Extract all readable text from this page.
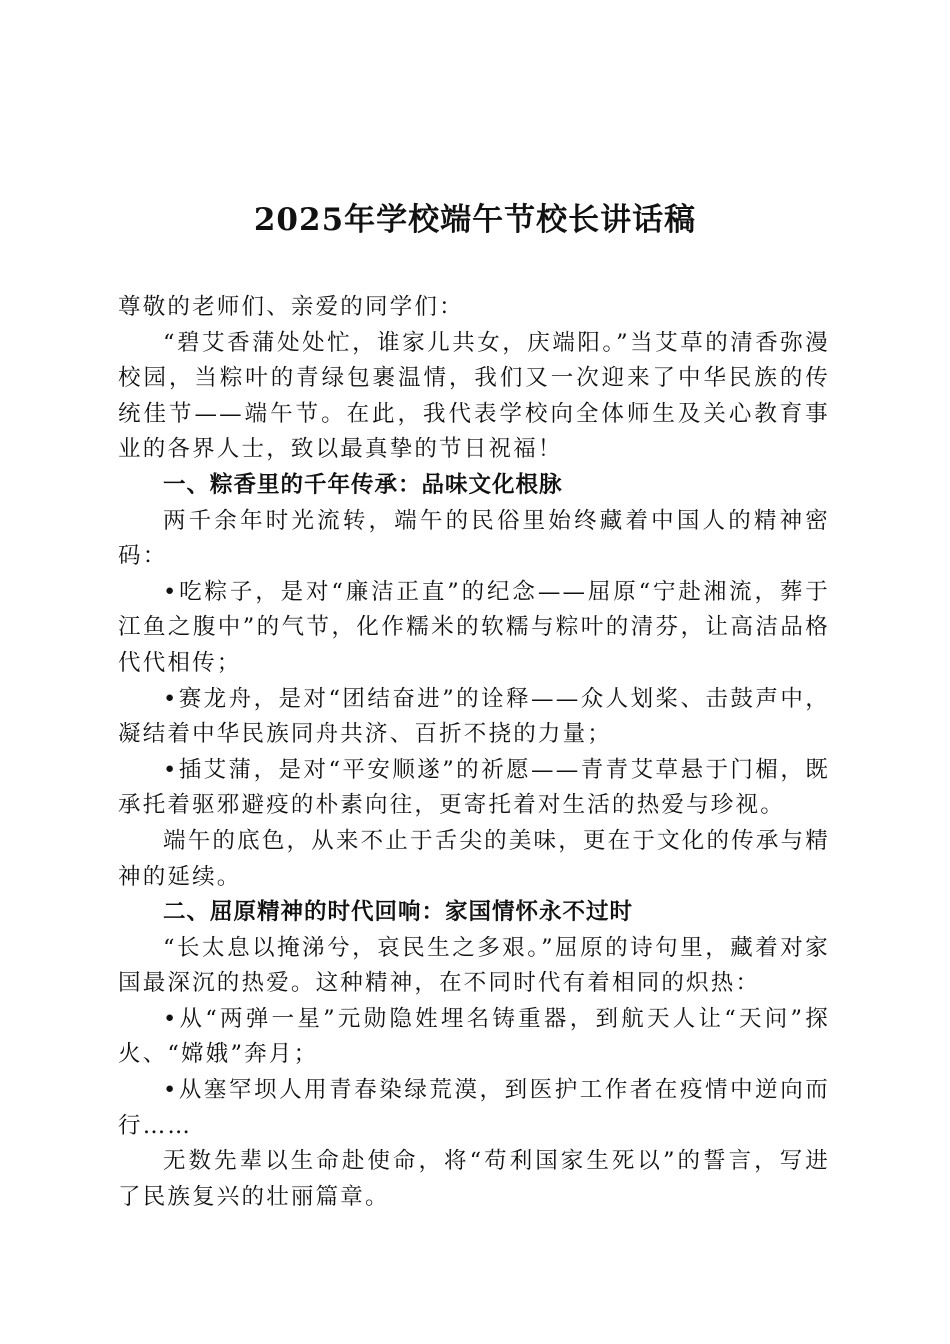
2025年学校端午节校长讲话稿

尊敬的老师们、亲爱的同学们：

“碧艾香蒲处处忙，谁家儿共女，庆端阳。”当艾草的清香弥漫校园，当粽叶的青绿包裹温情，我们又一次迎来了中华民族的传统佳节——端午节。在此，我代表学校向全体师生及关心教育事业的各界人士，致以最真挚的节日祝福！

一、粽香里的千年传承：品味文化根脉

两千余年时光流转，端午的民俗里始终藏着中国人的精神密码：

•吃粽子，是对“廉洁正直”的纪念——屈原“宁赴湘流，葬于江鱼之腹中”的气节，化作糯米的软糯与粽叶的清芬，让高洁品格代代相传；

•赛龙舟，是对“团结奋进”的诠释——众人划桨、击鼓声中，凝结着中华民族同舟共济、百折不挠的力量；

•插艾蒲，是对“平安顺遂”的祈愿——青青艾草悬于门楣，既承托着驱邪避疫的朴素向往，更寄托着对生活的热爱与珍视。

端午的底色，从来不止于舌尖的美味，更在于文化的传承与精神的延续。

二、屈原精神的时代回响：家国情怀永不过时

“长太息以掩涕兮，哀民生之多艰。”屈原的诗句里，藏着对家国最深沉的热爱。这种精神，在不同时代有着相同的炽热：

•从“两弹一星”元勋隐姓埋名铸重器，到航天人让“天问”探火、“嫦娥”奔月；

•从塞罕坝人用青春染绿荒漠，到医护工作者在疫情中逆向而行……

无数先辈以生命赴使命，将“苟利国家生死以”的誓言，写进了民族复兴的壮丽篇章。
